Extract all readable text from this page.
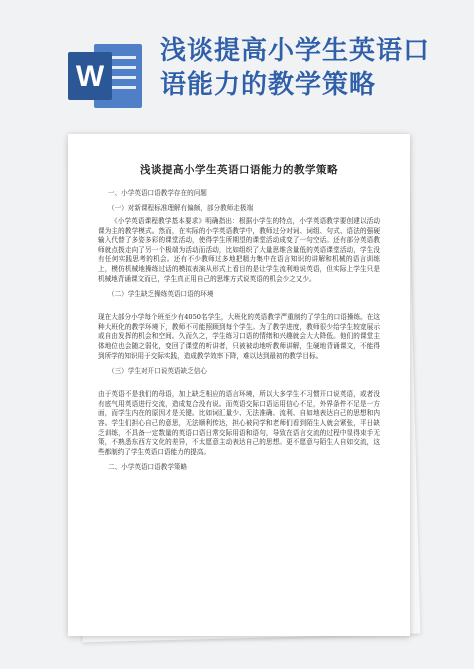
W
浅谈提高小学生英语口
语能力的教学策略
浅谈提高小学生英语口语能力的教学策略
一、小学英语口语教学存在的问题
（一）对新课程标准理解有偏颇，部分教师走极端

《小学英语课程教学基本要求》明确指出：根据小学生的特点，小学英语教学要创建以活动课为主的教学模式。然而，在实际的小学英语教学中，教师过分对词、词组、句式、语法的强硬输入代替了多姿多彩的课堂活动，使得学生所期望的课堂活动成变了一句空话。还有部分英语教师就点拨走向了另一个极端为活动而活动，比如组织了大量思维含量低的英语课堂活动，学生没有任何实践思考的机会。还有不少教师过多地把精力集中在语言知识的讲解和机械的语言训练上，模仿机械地操练过话的模拟表演从形式上看目的是让学生流利地说英语，但实际上学生只是机械地背诵课文而已，学生真正用自己的思维方式说英语的机会少之又少。

（二）学生缺乏操练英语口语的环境

现在大部分小学每个班至少有4050名学生，大班化的英语教学严重制约了学生的口语操练。在这种大班化的教学环境下，教师不可能照顾到每个学生。为了教学进度，教师很少给学生较宽展示或自由发挥的机会和空间。久而久之，学生练习口语的情绪和兴趣就会大大降低。他们的课堂主体地位也会随之弱化，变回了课堂的听讲者，只被被动地听教师讲解，生硬地背诵课文，不能得到所学的知识用于交际实践，造成教学效率下降，难以达到最初的教学目标。

（三）学生对开口说英语缺乏信心

由于英语不是我们的母语，加上缺乏相应的语言环境，所以大多学生不习惯开口说英语，或者没有底气用英语进行交流，造成复合没有说。而英语交际口语运用信心不足，外界条件不足是一方面，而学生内在的原因才是关键。比如词汇量少、无法准确、流利、自如地表达自己的思想和内容。学生们担心自己的意思，无法顺利传达，担心被同学和老师们看到陌生人就会紧张，平日缺乏训练，不具备一定数量的英语口语日常交际用语和语句，导致在语言交流的过程中显得束手无策，不熟悉东西方文化的差异，不太愿意主动表达自己的思想。更不愿意与陌生人自如交流，这些都制约了学生英语口语能力的提高。

二、小学英语口语教学策略
